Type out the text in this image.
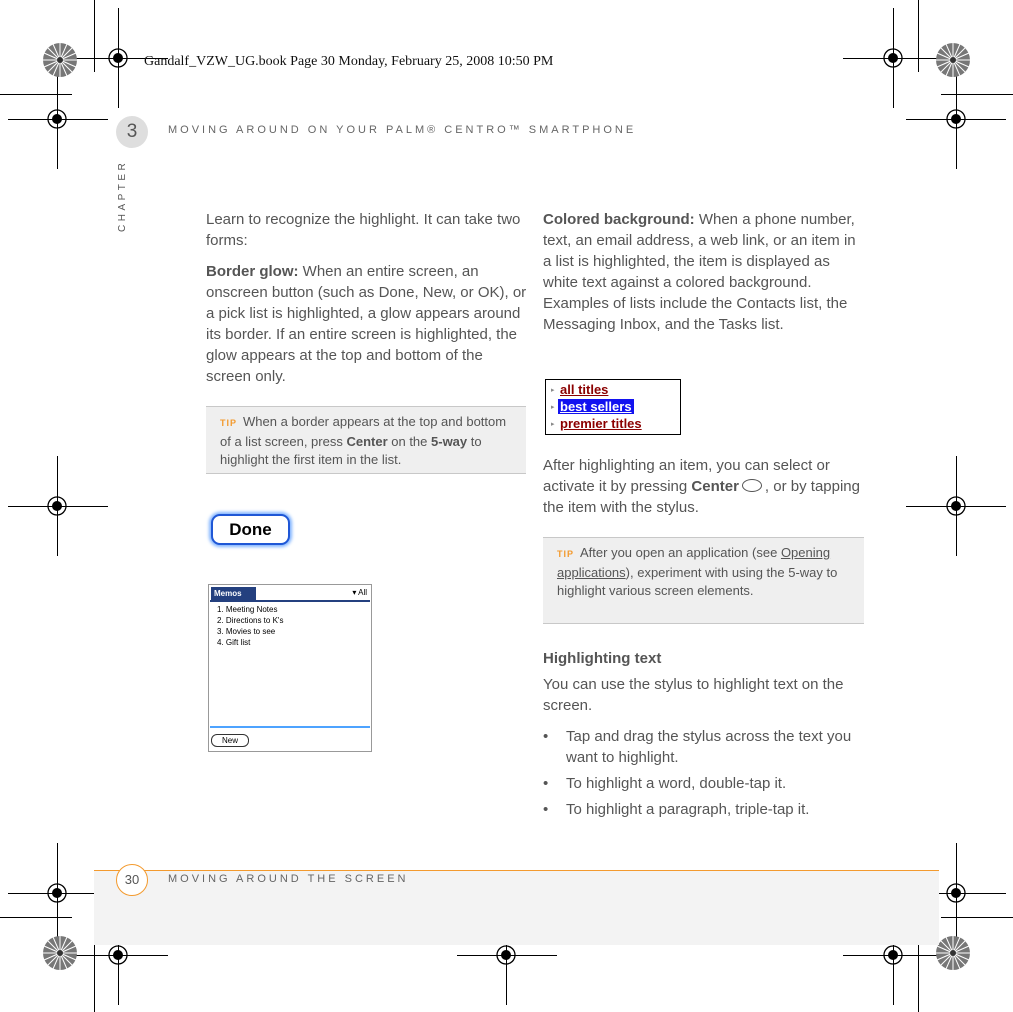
Gandalf_VZW_UG.book Page 30 Monday, February 25, 2008 10:50 PM
3	MOVING AROUND ON YOUR PALM® CENTRO™ SMARTPHONE
CHAPTER	Learn to recognize the highlight. It can take two forms:

Border glow: When an entire screen, an onscreen button (such as Done, New, or OK), or a pick list is highlighted, a glow appears around its border. If an entire screen is highlighted, the glow appears at the top and bottom of the screen only.

TIP When a border appears at the top and bottom of a list screen, press Center on the 5-way to highlight the first item in the list.
Done
Memos	▾ All
1. Meeting Notes
2. Directions to K's
3. Movies to see
4. Gift list
New

Colored background: When a phone number, text, an email address, a web link, or an item in a list is highlighted, the item is displayed as white text against a colored background. Examples of lists include the Contacts list, the Messaging Inbox, and the Tasks list.

▸ all titles
▸ best sellers
▸ premier titles

After highlighting an item, you can select or activate it by pressing Center , or by tapping the item with the stylus.

TIP After you open an application (see Opening applications), experiment with using the 5-way to highlight various screen elements.
Highlighting text

You can use the stylus to highlight text on the screen.

• Tap and drag the stylus across the text you want to highlight.
• To highlight a word, double-tap it.
• To highlight a paragraph, triple-tap it.
30	MOVING AROUND THE SCREEN
